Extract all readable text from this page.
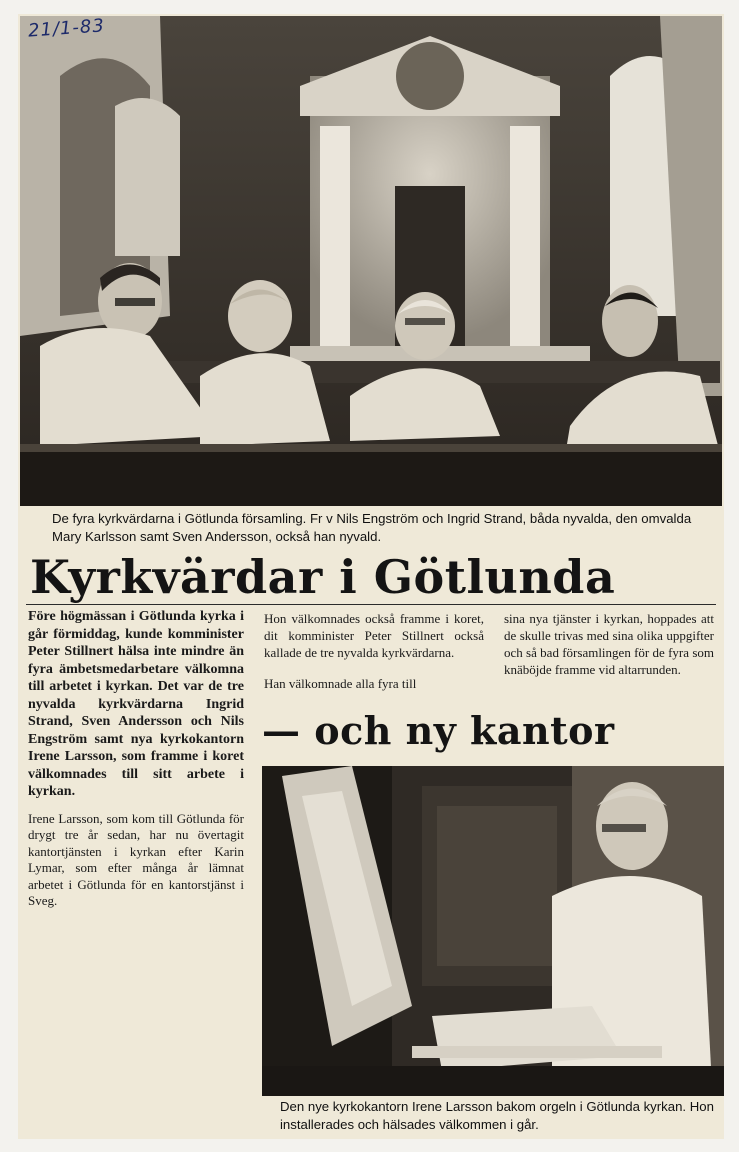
21/1-83
De fyra kyrkvärdarna i Götlunda församling. Fr v Nils Engström och Ingrid Strand, båda nyvalda, den omvalda Mary Karlsson samt Sven Andersson, också han nyvald.
Kyrkvärdar i Götlunda

Före högmässan i Götlunda kyrka i går förmiddag, kunde komminister Peter Stillnert hälsa inte mindre än fyra ämbetsmedarbetare välkomna till arbetet i kyrkan. Det var de tre nyvalda kyrkvärdarna Ingrid Strand, Sven Andersson och Nils Engström samt nya kyrkokantorn Irene Larsson, som framme i koret välkomnades till sitt arbete i kyrkan.

Irene Larsson, som kom till Götlunda för drygt tre år sedan, har nu övertagit kantortjänsten i kyrkan efter Karin Lymar, som efter många år lämnat arbetet i Götlunda för en kantorstjänst i Sveg.

Hon välkomnades också framme i koret, dit komminister Peter Stillnert också kallade de tre nyvalda kyrkvärdarna.

Han välkomnade alla fyra till

sina nya tjänster i kyrkan, hoppades att de skulle trivas med sina olika uppgifter och så bad församlingen för de fyra som knäböjde framme vid altarrunden.

— och ny kantor
Den nye kyrkokantorn Irene Larsson bakom orgeln i Götlunda kyrkan. Hon installerades och hälsades välkommen i går.
